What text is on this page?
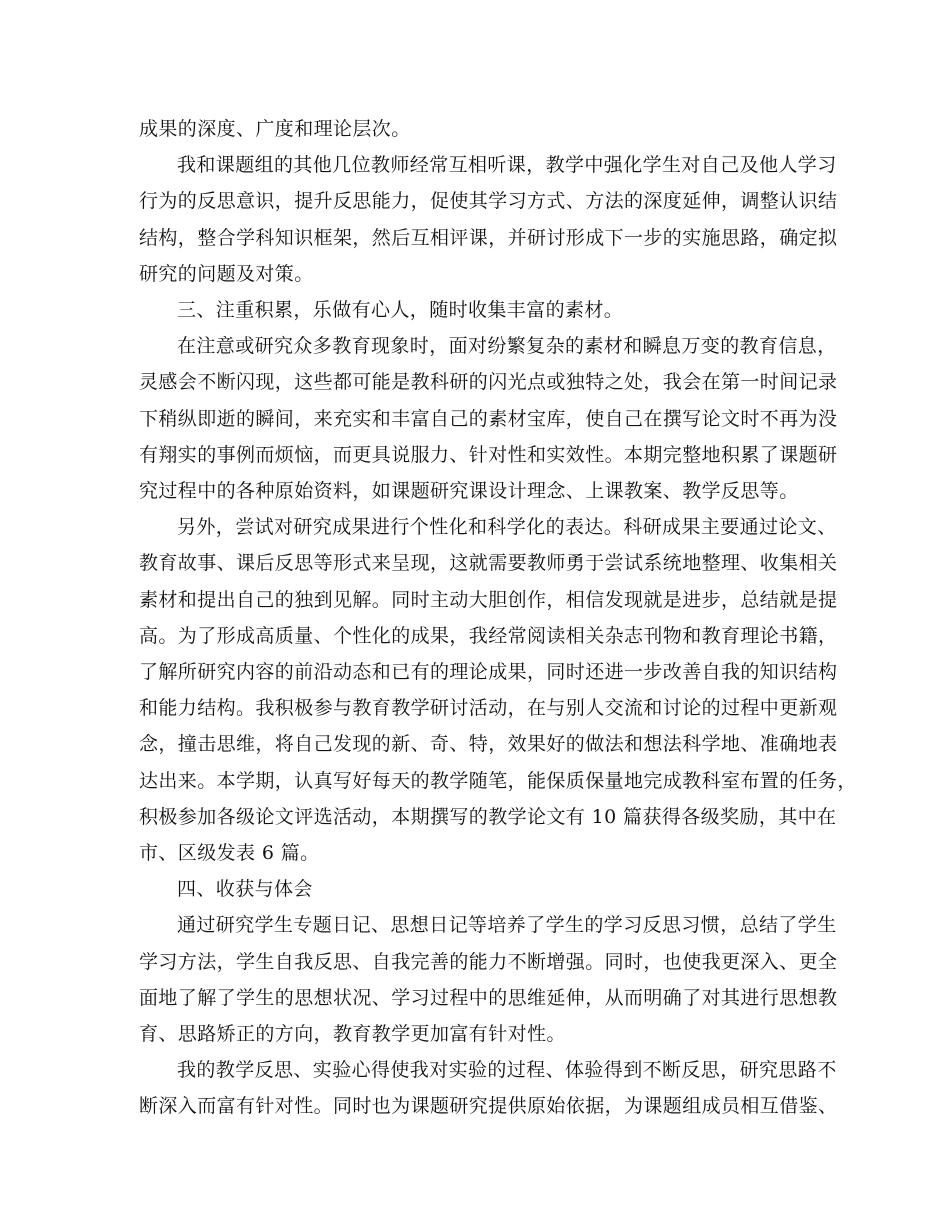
成果的深度、广度和理论层次。

我和课题组的其他几位教师经常互相听课，教学中强化学生对自己及他人学习
行为的反思意识，提升反思能力，促使其学习方式、方法的深度延伸，调整认识结
结构，整合学科知识框架，然后互相评课，并研讨形成下一步的实施思路，确定拟
研究的问题及对策。

三、注重积累，乐做有心人，随时收集丰富的素材。

在注意或研究众多教育现象时，面对纷繁复杂的素材和瞬息万变的教育信息，
灵感会不断闪现，这些都可能是教科研的闪光点或独特之处，我会在第一时间记录
下稍纵即逝的瞬间，来充实和丰富自己的素材宝库，使自己在撰写论文时不再为没
有翔实的事例而烦恼，而更具说服力、针对性和实效性。本期完整地积累了课题研
究过程中的各种原始资料，如课题研究课设计理念、上课教案、教学反思等。

另外，尝试对研究成果进行个性化和科学化的表达。科研成果主要通过论文、
教育故事、课后反思等形式来呈现，这就需要教师勇于尝试系统地整理、收集相关
素材和提出自己的独到见解。同时主动大胆创作，相信发现就是进步，总结就是提
高。为了形成高质量、个性化的成果，我经常阅读相关杂志刊物和教育理论书籍，
了解所研究内容的前沿动态和已有的理论成果，同时还进一步改善自我的知识结构
和能力结构。我积极参与教育教学研讨活动，在与别人交流和讨论的过程中更新观
念，撞击思维，将自己发现的新、奇、特，效果好的做法和想法科学地、准确地表
达出来。本学期，认真写好每天的教学随笔，能保质保量地完成教科室布置的任务，
积极参加各级论文评选活动，本期撰写的教学论文有 10 篇获得各级奖励，其中在
市、区级发表 6 篇。

四、收获与体会

通过研究学生专题日记、思想日记等培养了学生的学习反思习惯，总结了学生
学习方法，学生自我反思、自我完善的能力不断增强。同时，也使我更深入、更全
面地了解了学生的思想状况、学习过程中的思维延伸，从而明确了对其进行思想教
育、思路矫正的方向，教育教学更加富有针对性。

我的教学反思、实验心得使我对实验的过程、体验得到不断反思，研究思路不
断深入而富有针对性。同时也为课题研究提供原始依据，为课题组成员相互借鉴、
